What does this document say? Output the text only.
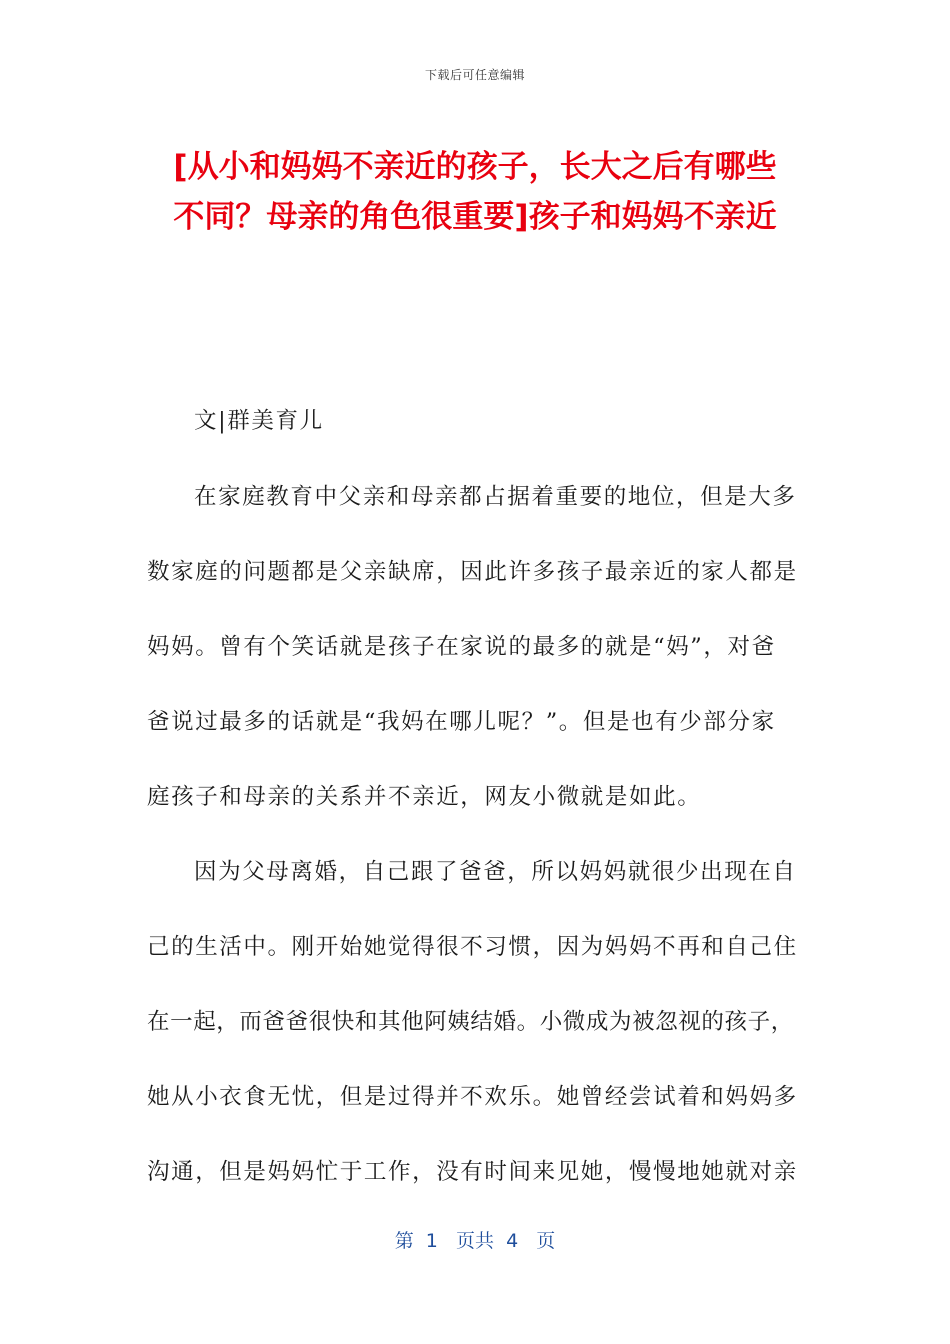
下载后可任意编辑
[从小和妈妈不亲近的孩子，长大之后有哪些
不同？母亲的角色很重要]孩子和妈妈不亲近
文|群美育儿
在家庭教育中父亲和母亲都占据着重要的地位，但是大多
数家庭的问题都是父亲缺席，因此许多孩子最亲近的家人都是
妈妈。曾有个笑话就是孩子在家说的最多的就是“妈”，对爸
爸说过最多的话就是“我妈在哪儿呢？”。但是也有少部分家
庭孩子和母亲的关系并不亲近，网友小微就是如此。
因为父母离婚，自己跟了爸爸，所以妈妈就很少出现在自
己的生活中。刚开始她觉得很不习惯，因为妈妈不再和自己住
在一起，而爸爸很快和其他阿姨结婚。小微成为被忽视的孩子，
她从小衣食无忧，但是过得并不欢乐。她曾经尝试着和妈妈多
沟通，但是妈妈忙于工作，没有时间来见她，慢慢地她就对亲
第  1   页共  4   页
